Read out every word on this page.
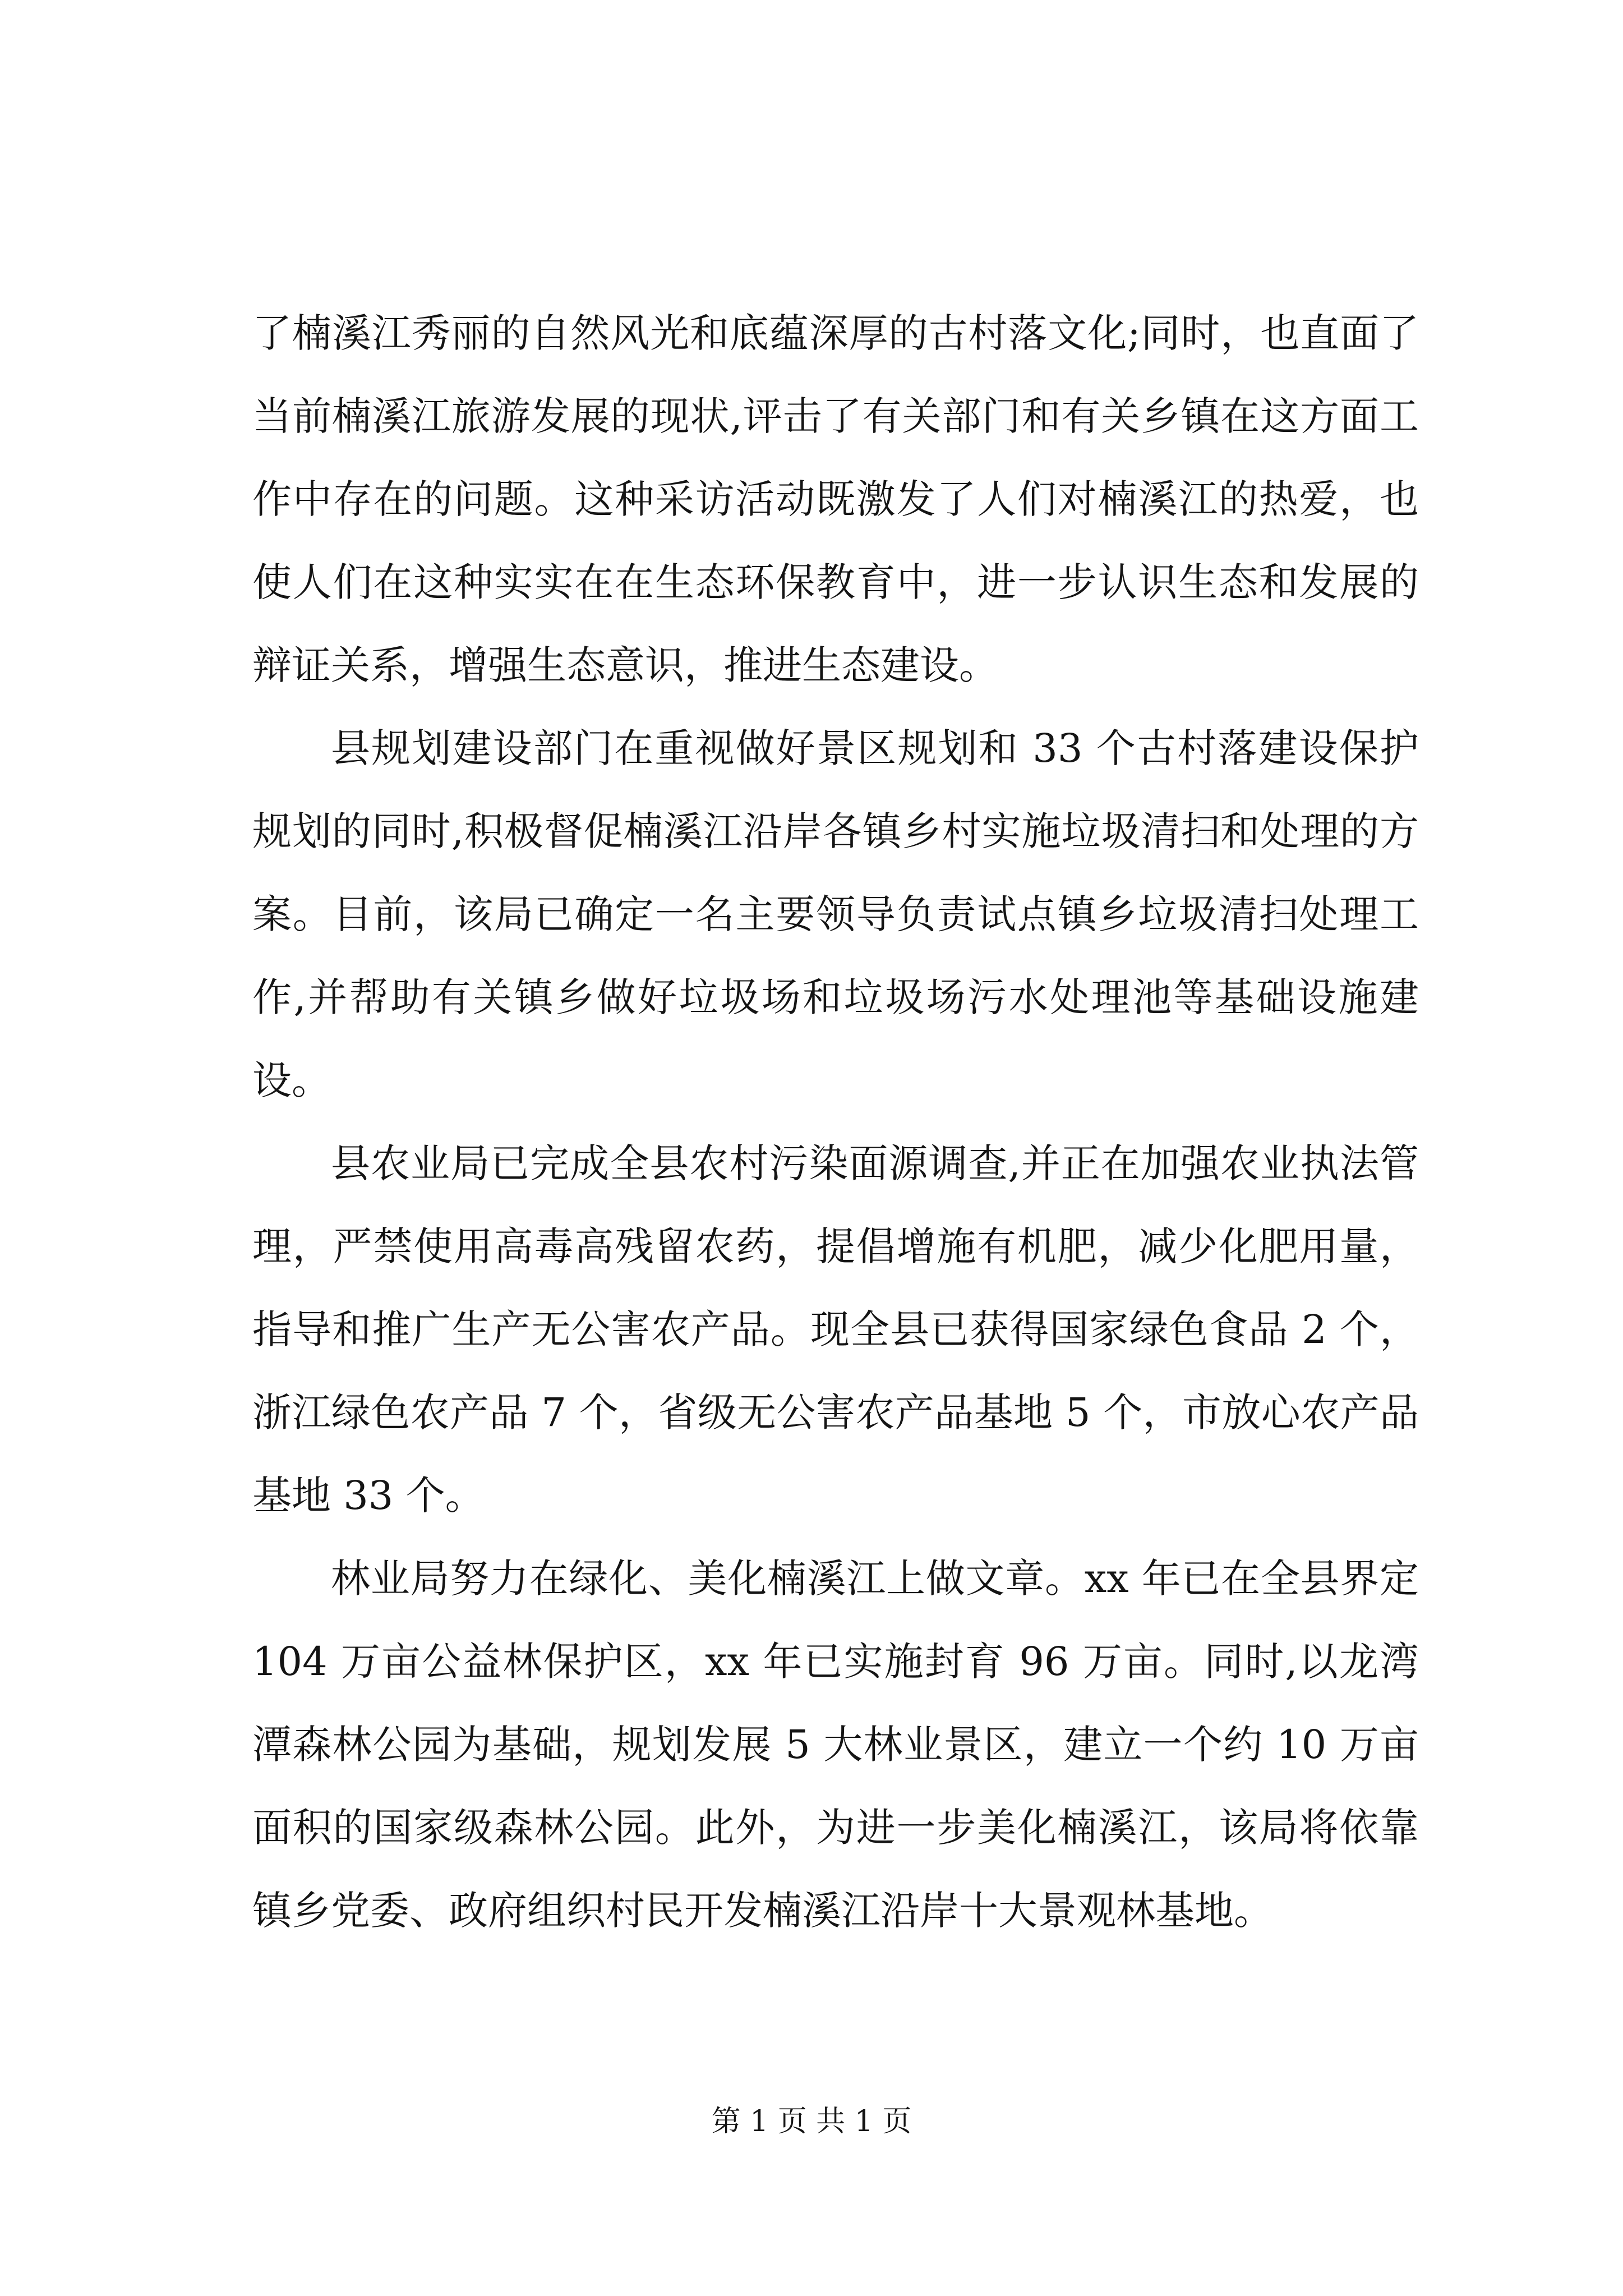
了楠溪江秀丽的自然风光和底蕴深厚的古村落文化;同时，也直面了当前楠溪江旅游发展的现状,评击了有关部门和有关乡镇在这方面工作中存在的问题。这种采访活动既激发了人们对楠溪江的热爱，也使人们在这种实实在在生态环保教育中，进一步认识生态和发展的辩证关系，增强生态意识，推进生态建设。

县规划建设部门在重视做好景区规划和 33 个古村落建设保护规划的同时,积极督促楠溪江沿岸各镇乡村实施垃圾清扫和处理的方案。目前，该局已确定一名主要领导负责试点镇乡垃圾清扫处理工作,并帮助有关镇乡做好垃圾场和垃圾场污水处理池等基础设施建设。

县农业局已完成全县农村污染面源调查,并正在加强农业执法管理，严禁使用高毒高残留农药，提倡增施有机肥，减少化肥用量，指导和推广生产无公害农产品。现全县已获得国家绿色食品 2 个，浙江绿色农产品 7 个，省级无公害农产品基地 5 个，市放心农产品基地 33 个。

林业局努力在绿化、美化楠溪江上做文章。xx 年已在全县界定 104 万亩公益林保护区，xx 年已实施封育 96 万亩。同时,以龙湾潭森林公园为基础，规划发展 5 大林业景区，建立一个约 10 万亩面积的国家级森林公园。此外，为进一步美化楠溪江，该局将依靠镇乡党委、政府组织村民开发楠溪江沿岸十大景观林基地。

第 1 页 共 1 页
